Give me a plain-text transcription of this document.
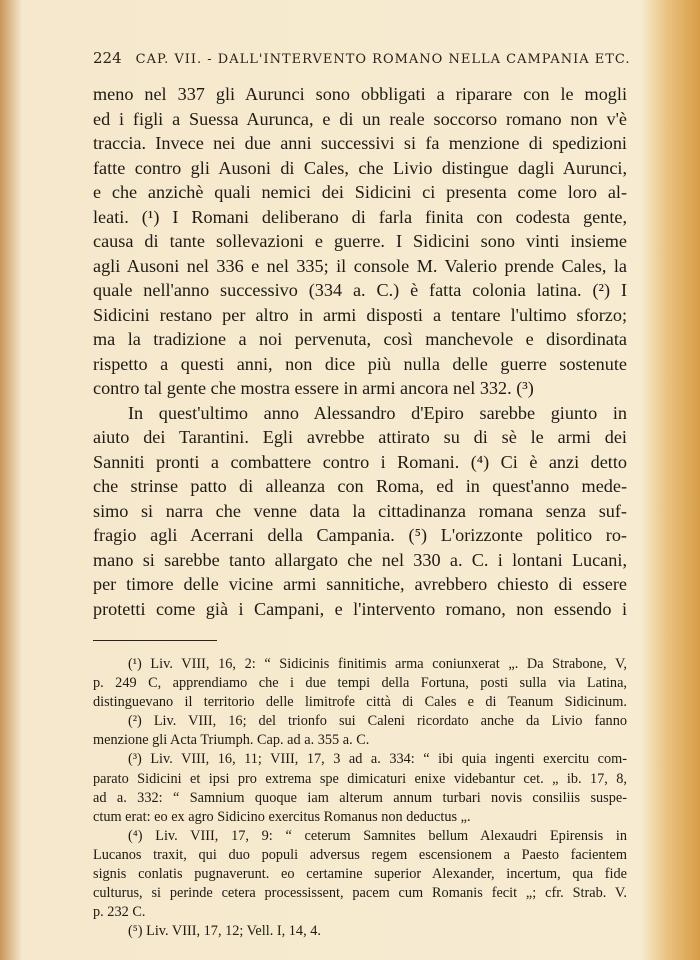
224 CAP. VII. - DALL'INTERVENTO ROMANO NELLA CAMPANIA ETC.
meno nel 337 gli Aurunci sono obbligati a riparare con le mogli
ed i figli a Suessa Aurunca, e di un reale soccorso romano non v'è
traccia. Invece nei due anni successivi si fa menzione di spedizioni
fatte contro gli Ausoni di Cales, che Livio distingue dagli Aurunci,
e che anzichè quali nemici dei Sidicini ci presenta come loro al-
leati. (¹) I Romani deliberano di farla finita con codesta gente,
causa di tante sollevazioni e guerre. I Sidicini sono vinti insieme
agli Ausoni nel 336 e nel 335; il console M. Valerio prende Cales, la
quale nell'anno successivo (334 a. C.) è fatta colonia latina. (²) I
Sidicini restano per altro in armi disposti a tentare l'ultimo sforzo;
ma la tradizione a noi pervenuta, così manchevole e disordinata
rispetto a questi anni, non dice più nulla delle guerre sostenute
contro tal gente che mostra essere in armi ancora nel 332. (³)
In quest'ultimo anno Alessandro d'Epiro sarebbe giunto in
aiuto dei Tarantini. Egli avrebbe attirato su di sè le armi dei
Sanniti pronti a combattere contro i Romani. (⁴) Ci è anzi detto
che strinse patto di alleanza con Roma, ed in quest'anno mede-
simo si narra che venne data la cittadinanza romana senza suf-
fragio agli Acerrani della Campania. (⁵) L'orizzonte politico ro-
mano si sarebbe tanto allargato che nel 330 a. C. i lontani Lucani,
per timore delle vicine armi sannitiche, avrebbero chiesto di essere
protetti come già i Campani, e l'intervento romano, non essendo i
(¹) Liv. VIII, 16, 2: “ Sidicinis finitimis arma coniunxerat „. Da Strabone, V,
p. 249 C, apprendiamo che i due tempi della Fortuna, posti sulla via Latina,
distinguevano il territorio delle limitrofe città di Cales e di Teanum Sidicinum.
(²) Liv. VIII, 16; del trionfo sui Caleni ricordato anche da Livio fanno
menzione gli Acta Triumph. Cap. ad a. 355 a. C.
(³) Liv. VIII, 16, 11; VIII, 17, 3 ad a. 334: “ ibi quia ingenti exercitu com-
parato Sidicini et ipsi pro extrema spe dimicaturi enixe videbantur cet. „ ib. 17, 8,
ad a. 332: “ Samnium quoque iam alterum annum turbari novis consiliis suspe-
ctum erat: eo ex agro Sidicino exercitus Romanus non deductus „.
(⁴) Liv. VIII, 17, 9: “ ceterum Samnites bellum Alexaudri Epirensis in
Lucanos traxit, qui duo populi adversus regem escensionem a Paesto facientem
signis conlatis pugnaverunt. eo certamine superior Alexander, incertum, qua fide
culturus, si perinde cetera processissent, pacem cum Romanis fecit „; cfr. Strab. V.
p. 232 C.
(⁵) Liv. VIII, 17, 12; Vell. I, 14, 4.
